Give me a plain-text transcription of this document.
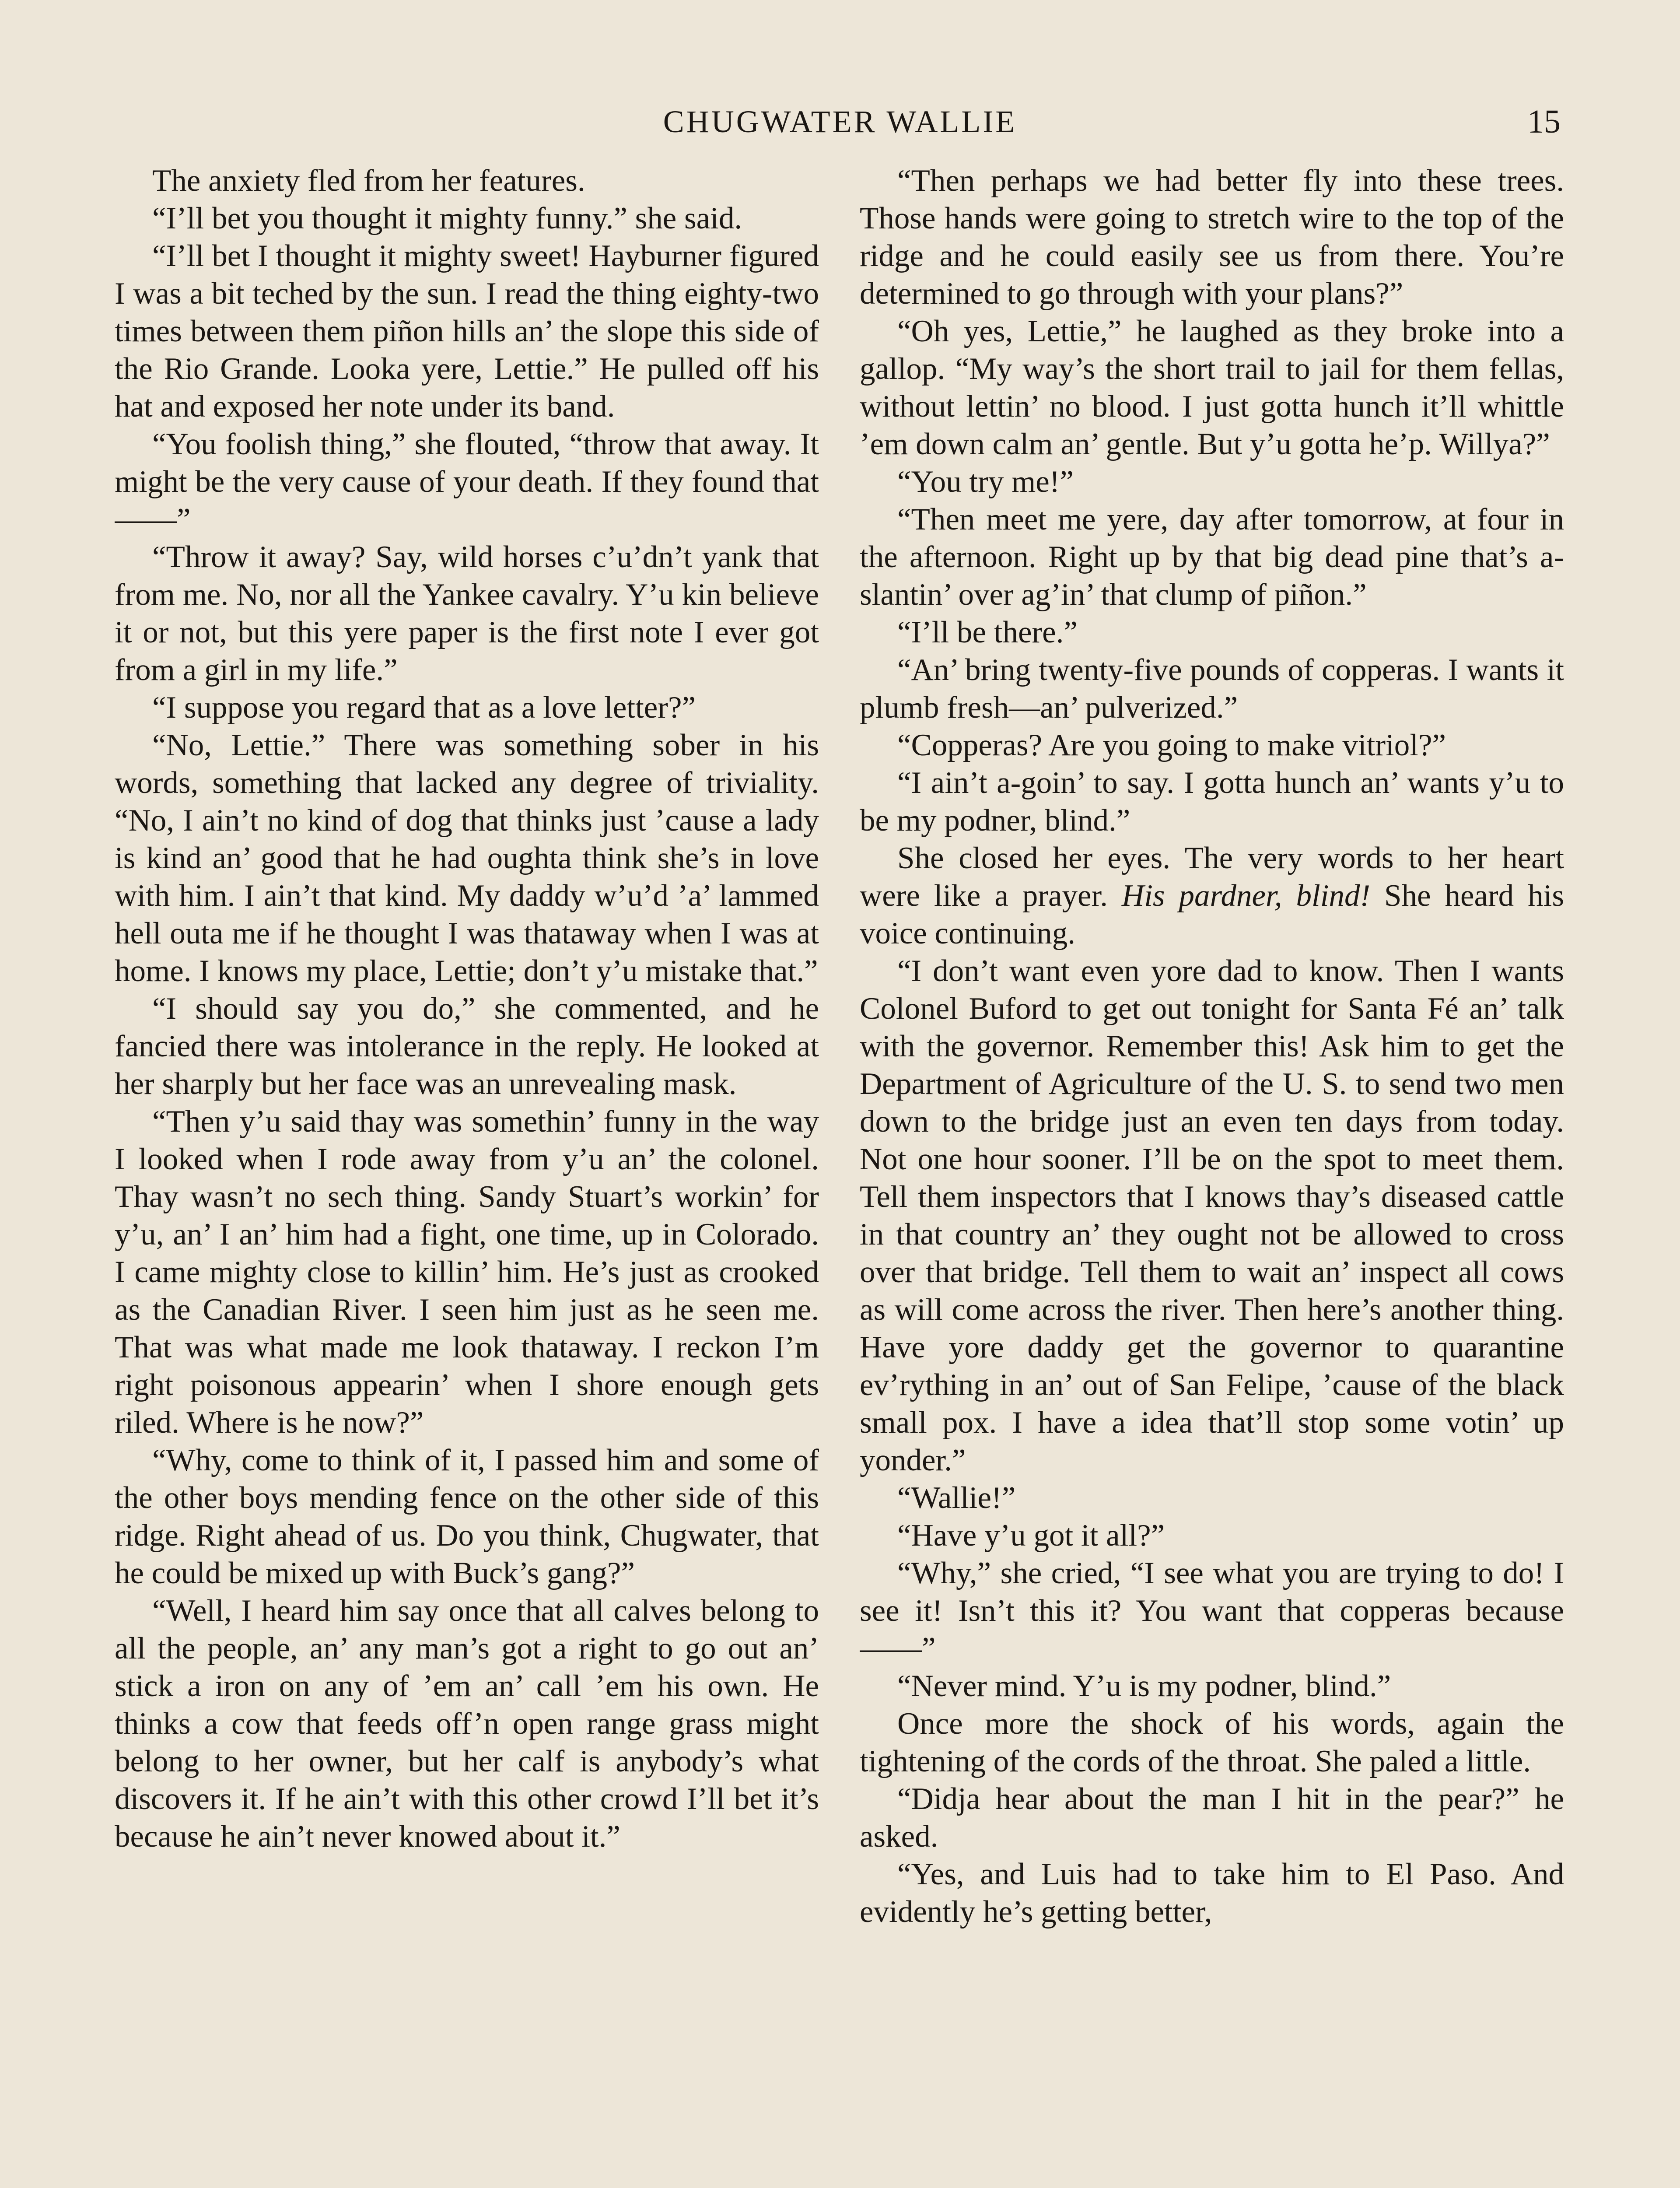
CHUGWATER WALLIE	15

The anxiety fled from her features.

“I’ll bet you thought it mighty funny.” she said.

“I’ll bet I thought it mighty sweet! Hayburner figured I was a bit teched by the sun. I read the thing eighty-two times between them piñon hills an’ the slope this side of the Rio Grande. Looka yere, Lettie.” He pulled off his hat and exposed her note under its band.

“You foolish thing,” she flouted, “throw that away. It might be the very cause of your death. If they found that——”

“Throw it away? Say, wild horses c’u’dn’t yank that from me. No, nor all the Yankee cavalry. Y’u kin believe it or not, but this yere paper is the first note I ever got from a girl in my life.”

“I suppose you regard that as a love letter?”

“No, Lettie.” There was something sober in his words, something that lacked any degree of triviality. “No, I ain’t no kind of dog that thinks just ’cause a lady is kind an’ good that he had oughta think she’s in love with him. I ain’t that kind. My daddy w’u’d ’a’ lammed hell outa me if he thought I was thataway when I was at home. I knows my place, Lettie; don’t y’u mistake that.”

“I should say you do,” she commented, and he fancied there was intolerance in the reply. He looked at her sharply but her face was an unrevealing mask.

“Then y’u said thay was somethin’ funny in the way I looked when I rode away from y’u an’ the colonel. Thay wasn’t no sech thing. Sandy Stuart’s workin’ for y’u, an’ I an’ him had a fight, one time, up in Colorado. I came mighty close to killin’ him. He’s just as crooked as the Canadian River. I seen him just as he seen me. That was what made me look thataway. I reckon I’m right poisonous appearin’ when I shore enough gets riled. Where is he now?”

“Why, come to think of it, I passed him and some of the other boys mending fence on the other side of this ridge. Right ahead of us. Do you think, Chugwater, that he could be mixed up with Buck’s gang?”

“Well, I heard him say once that all calves belong to all the people, an’ any man’s got a right to go out an’ stick a iron on any of ’em an’ call ’em his own. He thinks a cow that feeds off’n open range grass might belong to her owner, but her calf is anybody’s what discovers it. If he ain’t with this other crowd I’ll bet it’s because he ain’t never knowed about it.”

“Then perhaps we had better fly into these trees. Those hands were going to stretch wire to the top of the ridge and he could easily see us from there. You’re determined to go through with your plans?”

“Oh yes, Lettie,” he laughed as they broke into a gallop. “My way’s the short trail to jail for them fellas, without lettin’ no blood. I just gotta hunch it’ll whittle ’em down calm an’ gentle. But y’u gotta he’p. Willya?”

“You try me!”

“Then meet me yere, day after tomorrow, at four in the afternoon. Right up by that big dead pine that’s a-slantin’ over ag’in’ that clump of piñon.”

“I’ll be there.”

“An’ bring twenty-five pounds of copperas. I wants it plumb fresh—an’ pulverized.”

“Copperas? Are you going to make vitriol?”

“I ain’t a-goin’ to say. I gotta hunch an’ wants y’u to be my podner, blind.”

She closed her eyes. The very words to her heart were like a prayer. His pardner, blind! She heard his voice continuing.

“I don’t want even yore dad to know. Then I wants Colonel Buford to get out tonight for Santa Fé an’ talk with the governor. Remember this! Ask him to get the Department of Agriculture of the U. S. to send two men down to the bridge just an even ten days from today. Not one hour sooner. I’ll be on the spot to meet them. Tell them inspectors that I knows thay’s diseased cattle in that country an’ they ought not be allowed to cross over that bridge. Tell them to wait an’ inspect all cows as will come across the river. Then here’s another thing. Have yore daddy get the governor to quarantine ev’rything in an’ out of San Felipe, ’cause of the black small pox. I have a idea that’ll stop some votin’ up yonder.”

“Wallie!”

“Have y’u got it all?”

“Why,” she cried, “I see what you are trying to do! I see it! Isn’t this it? You want that copperas because——”

“Never mind. Y’u is my podner, blind.”

Once more the shock of his words, again the tightening of the cords of the throat. She paled a little.

“Didja hear about the man I hit in the pear?” he asked.

“Yes, and Luis had to take him to El Paso. And evidently he’s getting better,
